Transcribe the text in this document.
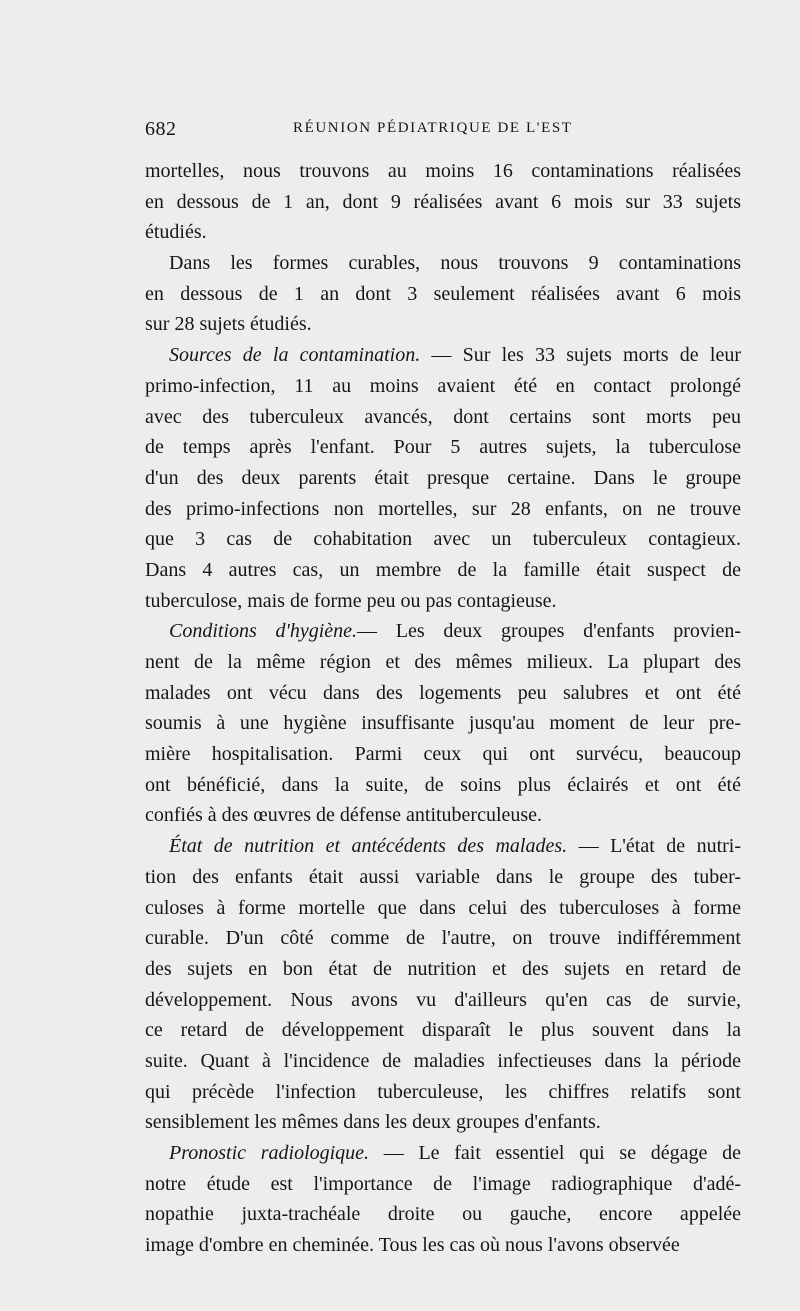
682	RÉUNION PÉDIATRIQUE DE L'EST
mortelles, nous trouvons au moins 16 contaminations réalisées
en dessous de 1 an, dont 9 réalisées avant 6 mois sur 33 sujets
étudiés.
Dans les formes curables, nous trouvons 9 contaminations
en dessous de 1 an dont 3 seulement réalisées avant 6 mois
sur 28 sujets étudiés.
Sources de la contamination. — Sur les 33 sujets morts de leur
primo-infection, 11 au moins avaient été en contact prolongé
avec des tuberculeux avancés, dont certains sont morts peu
de temps après l'enfant. Pour 5 autres sujets, la tuberculose
d'un des deux parents était presque certaine. Dans le groupe
des primo-infections non mortelles, sur 28 enfants, on ne trouve
que 3 cas de cohabitation avec un tuberculeux contagieux.
Dans 4 autres cas, un membre de la famille était suspect de
tuberculose, mais de forme peu ou pas contagieuse.
Conditions d'hygiène.— Les deux groupes d'enfants provien-
nent de la même région et des mêmes milieux. La plupart des
malades ont vécu dans des logements peu salubres et ont été
soumis à une hygiène insuffisante jusqu'au moment de leur pre-
mière hospitalisation. Parmi ceux qui ont survécu, beaucoup
ont bénéficié, dans la suite, de soins plus éclairés et ont été
confiés à des œuvres de défense antituberculeuse.
État de nutrition et antécédents des malades. — L'état de nutri-
tion des enfants était aussi variable dans le groupe des tuber-
culoses à forme mortelle que dans celui des tuberculoses à forme
curable. D'un côté comme de l'autre, on trouve indifféremment
des sujets en bon état de nutrition et des sujets en retard de
développement. Nous avons vu d'ailleurs qu'en cas de survie,
ce retard de développement disparaît le plus souvent dans la
suite. Quant à l'incidence de maladies infectieuses dans la période
qui précède l'infection tuberculeuse, les chiffres relatifs sont
sensiblement les mêmes dans les deux groupes d'enfants.
Pronostic radiologique. — Le fait essentiel qui se dégage de
notre étude est l'importance de l'image radiographique d'adé-
nopathie juxta-trachéale droite ou gauche, encore appelée
image d'ombre en cheminée. Tous les cas où nous l'avons observée
